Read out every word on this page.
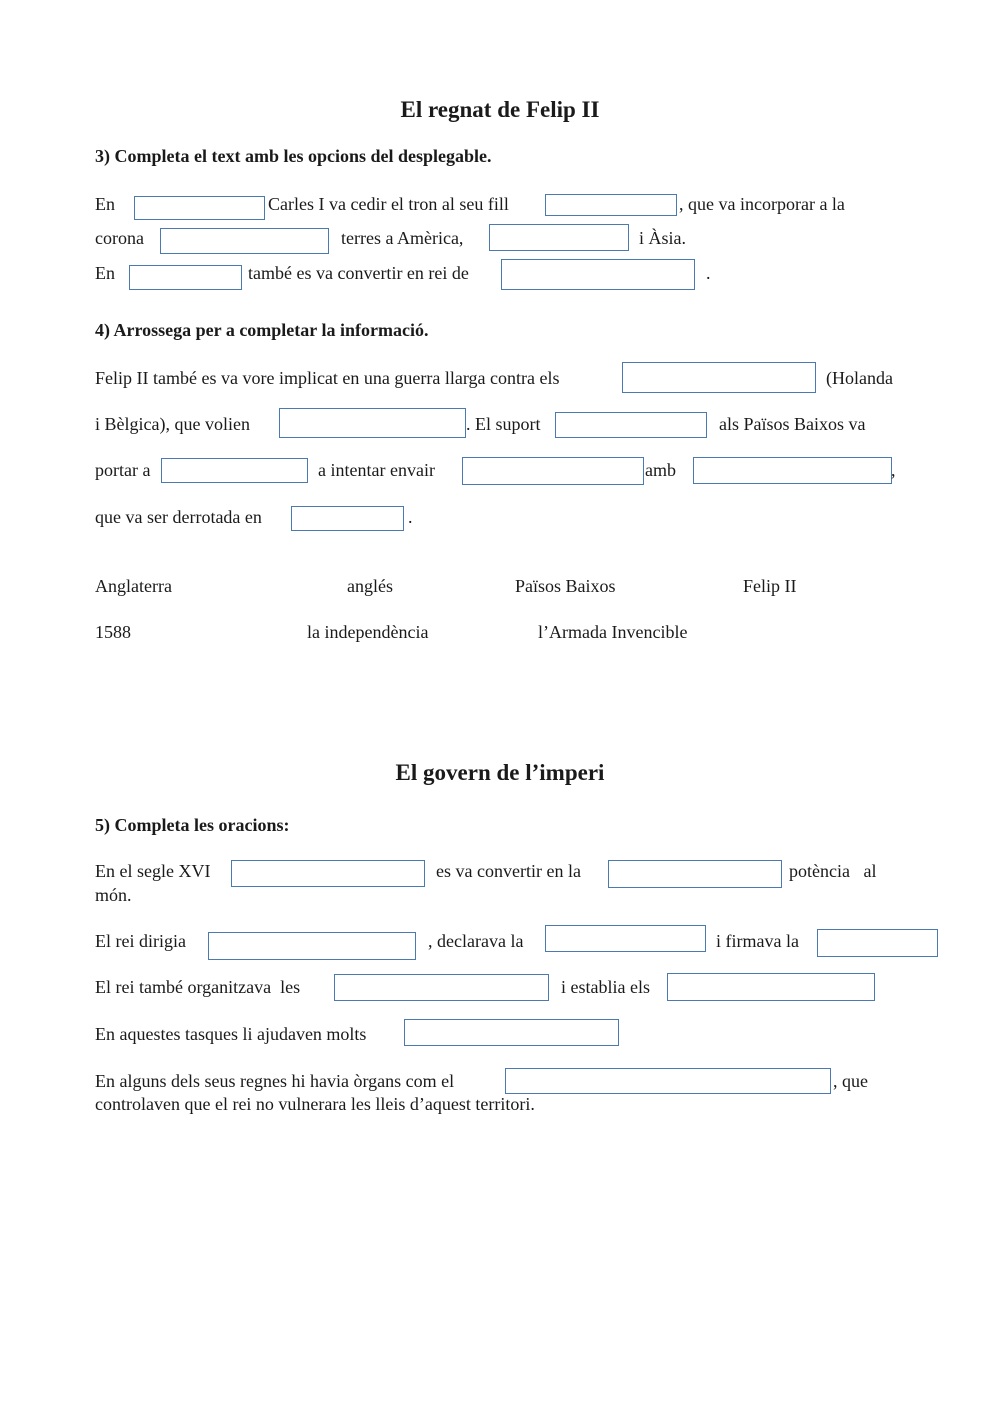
El regnat de Felip II
3) Completa el text amb les opcions del desplegable.
En	Carles I va cedir el tron al seu fill	, que va incorporar a la
corona	terres a Amèrica,	i Àsia.
En	també es va convertir en rei de	.
4) Arrossega per a completar la informació.
Felip II també es va vore implicat en una guerra llarga contra els	(Holanda
i Bèlgica), que volien	. El suport	als Països Baixos va
portar a	a intentar envair	amb	,
que va ser derrotada en	.
Anglaterra	anglés	Països Baixos	Felip II
1588	la independència	l’Armada Invencible
El govern de l’imperi
5) Completa les oracions:
En el segle XVI	es va convertir en la	potència   al
món.
El rei dirigia	, declarava la	i firmava la
El rei també organitzava  les	i establia els
En aquestes tasques li ajudaven molts
En alguns dels seus regnes hi havia òrgans com el	, que
controlaven que el rei no vulnerara les lleis d’aquest territori.
